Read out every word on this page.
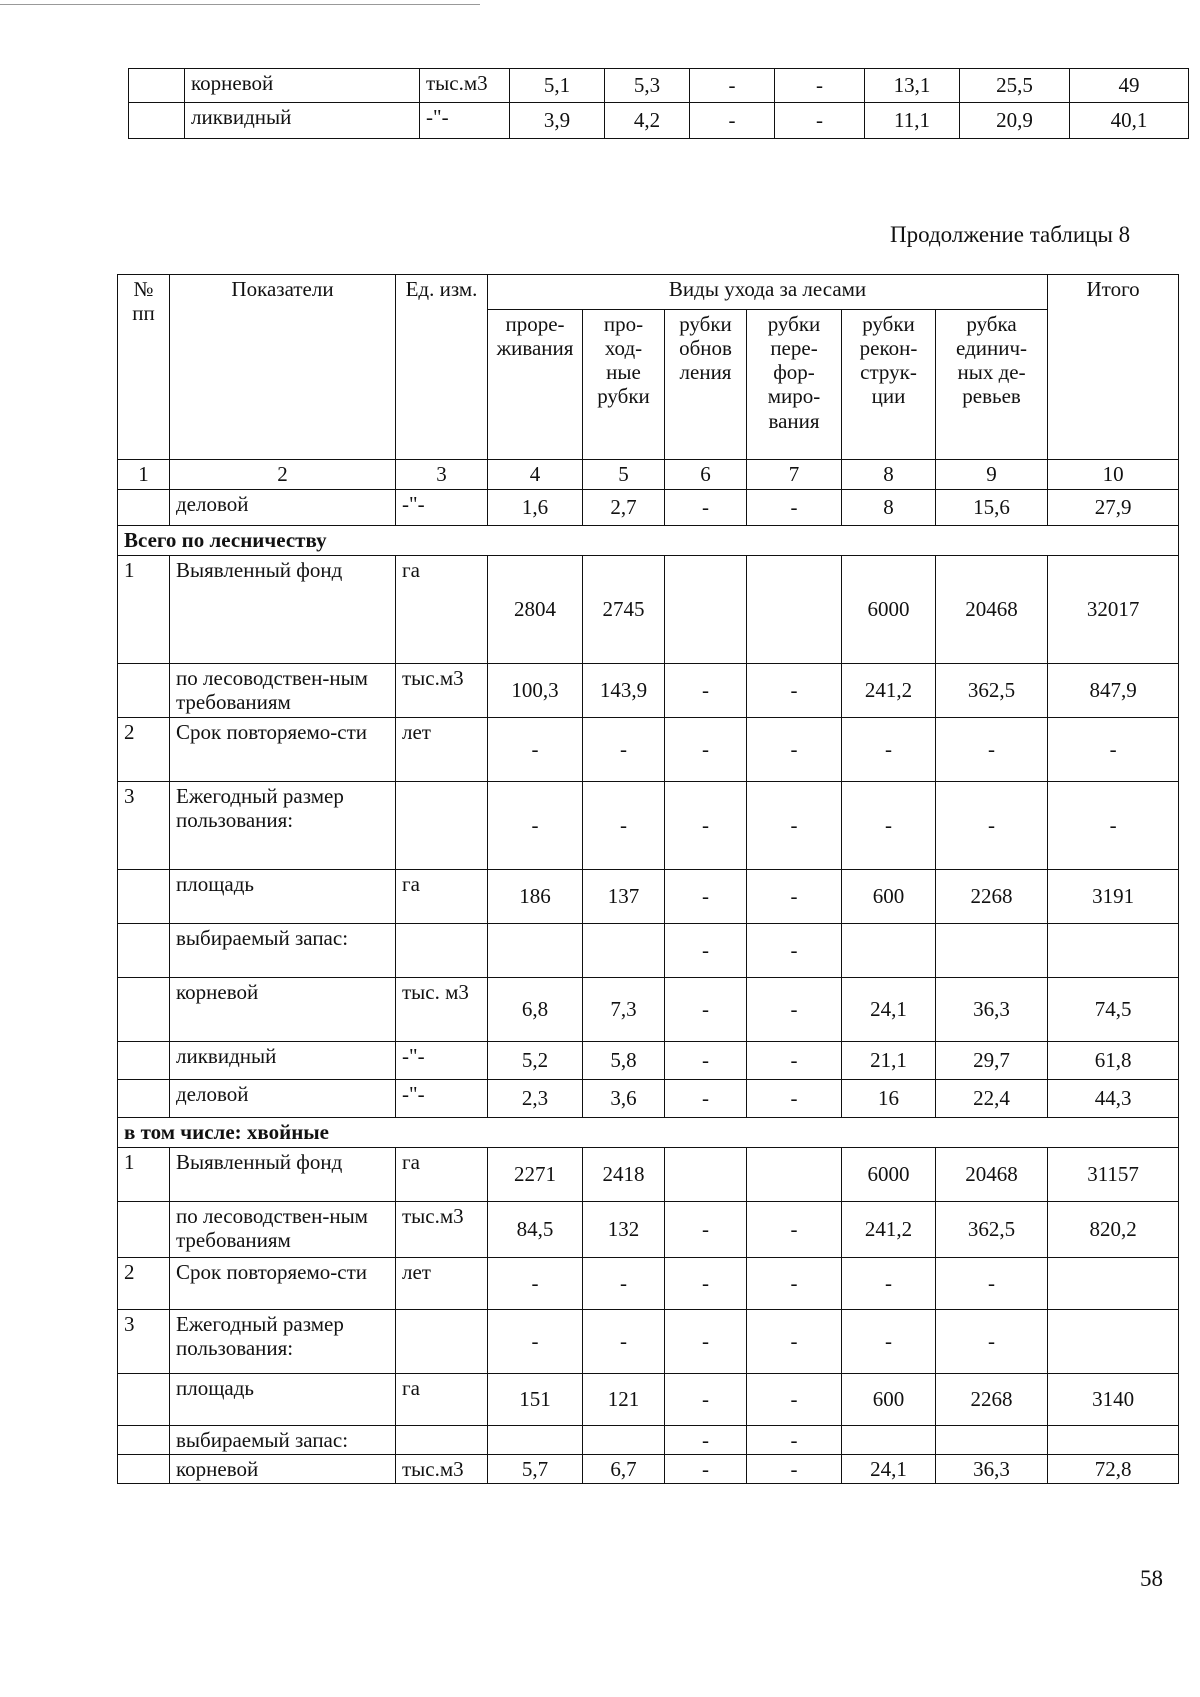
	корневой	тыс.м3	5,1	5,3	-	-	13,1	25,5	49
	ликвидный	-"-	3,9	4,2	-	-	11,1	20,9	40,1
Продолжение таблицы 8
№ пп	Показатели	Ед. изм.	Виды ухода за лесами						Итого
			проре-живания	про-ход-ные рубки	рубки обнов ления	рубки пере-фор-миро-вания	рубки рекон-струк-ции	рубка единич-ных де-ревьев	
1	2	3	4	5	6	7	8	9	10
	деловой	-"-	1,6	2,7	-	-	8	15,6	27,9
Всего по лесничеству									
1	Выявленный фонд	га	2804	2745			6000	20468	32017
	по лесоводствен-ным требованиям	тыс.м3	100,3	143,9	-	-	241,2	362,5	847,9
2	Срок повторяемо-сти	лет	-	-	-	-	-	-	-
3	Ежегодный размер пользования:		-	-	-	-	-	-	-
	площадь	га	186	137	-	-	600	2268	3191
	выбираемый запас:				-	-			
	корневой	тыс. м3	6,8	7,3	-	-	24,1	36,3	74,5
	ликвидный	-"-	5,2	5,8	-	-	21,1	29,7	61,8
	деловой	-"-	2,3	3,6	-	-	16	22,4	44,3
в том числе: хвойные									
1	Выявленный фонд	га	2271	2418			6000	20468	31157
	по лесоводствен-ным требованиям	тыс.м3	84,5	132	-	-	241,2	362,5	820,2
2	Срок повторяемо-сти	лет	-	-	-	-	-	-	
3	Ежегодный размер пользования:		-	-	-	-	-	-	
	площадь	га	151	121	-	-	600	2268	3140
	выбираемый запас:				-	-			
	корневой	тыс.м3	5,7	6,7	-	-	24,1	36,3	72,8
58
